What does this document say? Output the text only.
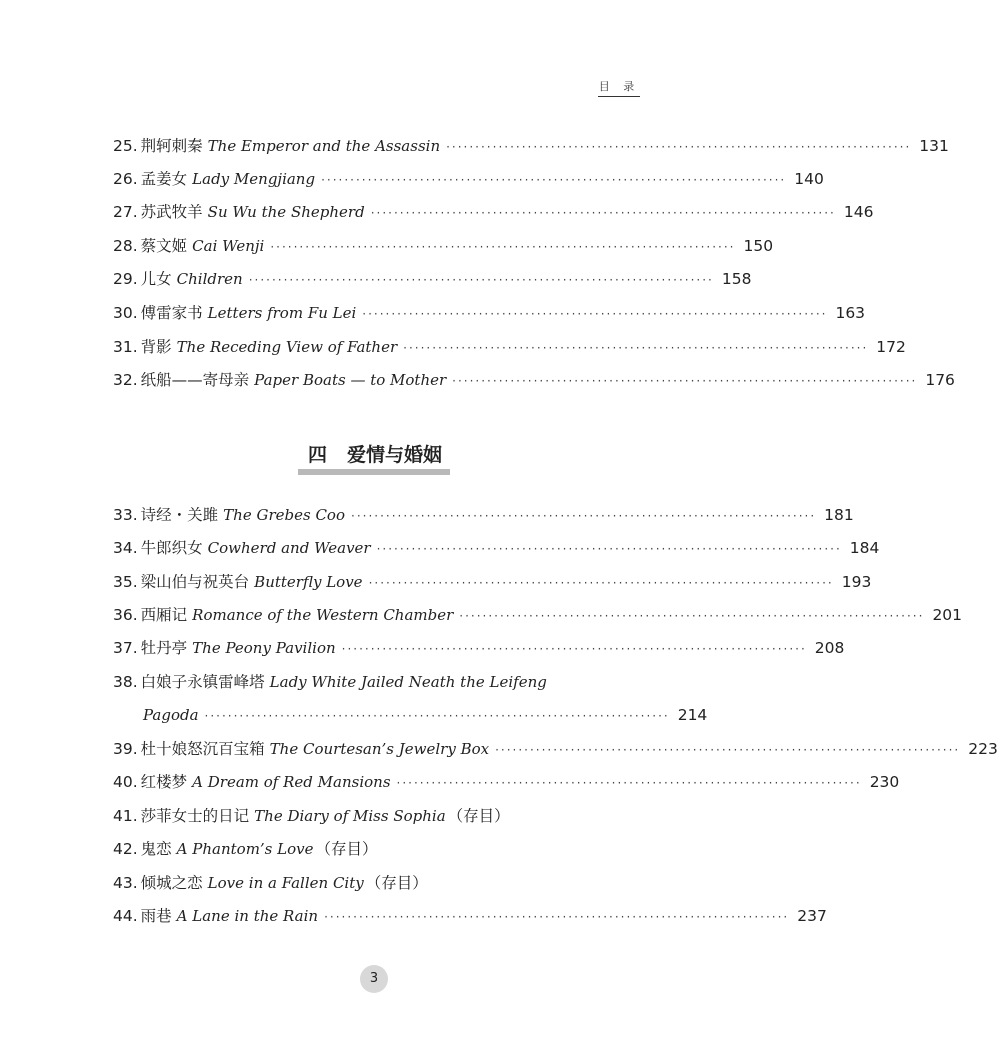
目 录
25. 荆轲刺秦 The Emperor and the Assassin ················································································ 131
26. 孟姜女 Lady Mengjiang ················································································ 140
27. 苏武牧羊 Su Wu the Shepherd ················································································ 146
28. 蔡文姬 Cai Wenji ················································································ 150
29. 儿女 Children ················································································ 158
30. 傅雷家书 Letters from Fu Lei ················································································ 163
31. 背影 The Receding View of Father ················································································ 172
32. 纸船——寄母亲 Paper Boats — to Mother ················································································ 176
四 爱情与婚姻
33. 诗经・关雎 The Grebes Coo ················································································ 181
34. 牛郎织女 Cowherd and Weaver ················································································ 184
35. 梁山伯与祝英台 Butterfly Love ················································································ 193
36. 西厢记 Romance of the Western Chamber ················································································ 201
37. 牡丹亭 The Peony Pavilion ················································································ 208
38. 白娘子永镇雷峰塔 Lady White Jailed Neath the Leifeng
Pagoda ················································································ 214
39. 杜十娘怒沉百宝箱 The Courtesan’s Jewelry Box ················································································ 223
40. 红楼梦 A Dream of Red Mansions ················································································ 230
41. 莎菲女士的日记 The Diary of Miss Sophia （存目）
42. 鬼恋 A Phantom’s Love （存目）
43. 倾城之恋 Love in a Fallen City （存目）
44. 雨巷 A Lane in the Rain ················································································ 237
3
